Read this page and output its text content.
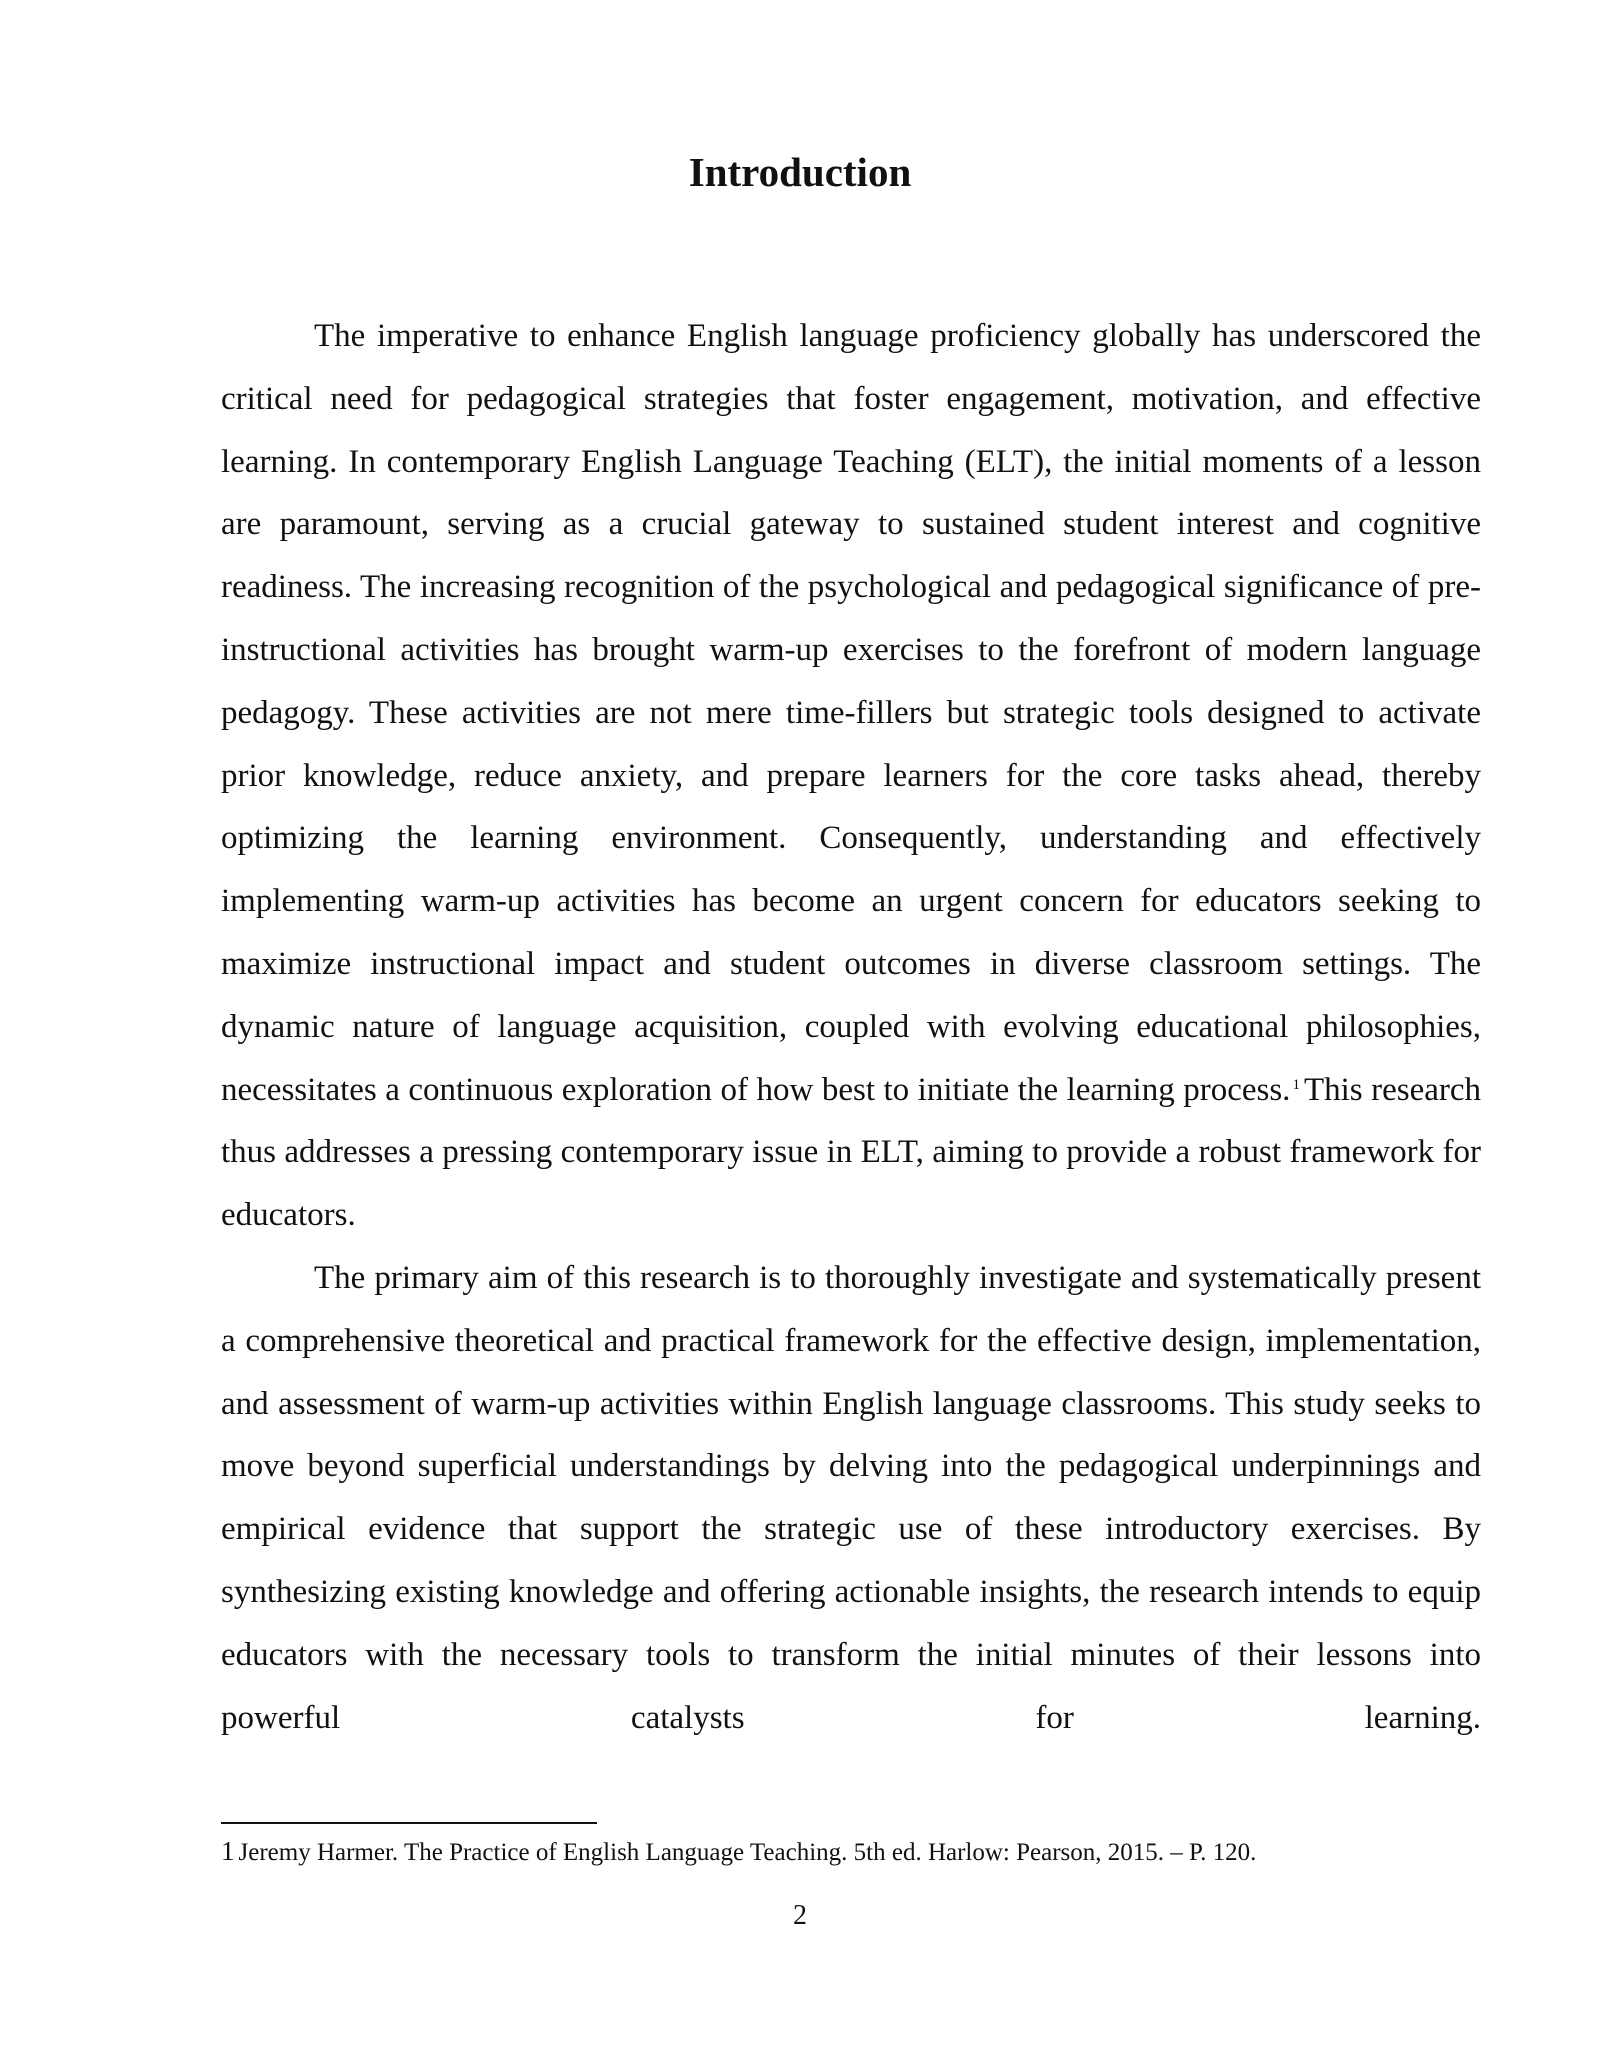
Introduction

The imperative to enhance English language proficiency globally has underscored the critical need for pedagogical strategies that foster engagement, motivation, and effective learning. In contemporary English Language Teaching (ELT), the initial moments of a lesson are paramount, serving as a crucial gateway to sustained student interest and cognitive readiness. The increasing recognition of the psychological and pedagogical significance of pre-instructional activities has brought warm-up exercises to the forefront of modern language pedagogy. These activities are not mere time-fillers but strategic tools designed to activate prior knowledge, reduce anxiety, and prepare learners for the core tasks ahead, thereby optimizing the learning environment. Consequently, understanding and effectively implementing warm-up activities has become an urgent concern for educators seeking to maximize instructional impact and student outcomes in diverse classroom settings. The dynamic nature of language acquisition, coupled with evolving educational philosophies, necessitates a continuous exploration of how best to initiate the learning process. $^1$ This research thus addresses a pressing contemporary issue in ELT, aiming to provide a robust framework for educators.

The primary aim of this research is to thoroughly investigate and systematically present a comprehensive theoretical and practical framework for the effective design, implementation, and assessment of warm-up activities within English language classrooms. This study seeks to move beyond superficial understandings by delving into the pedagogical underpinnings and empirical evidence that support the strategic use of these introductory exercises. By synthesizing existing knowledge and offering actionable insights, the research intends to equip educators with the necessary tools to transform the initial minutes of their lessons into powerful catalysts for learning.

1 Jeremy Harmer. The Practice of English Language Teaching. 5th ed. Harlow: Pearson, 2015. – P. 120.

2
